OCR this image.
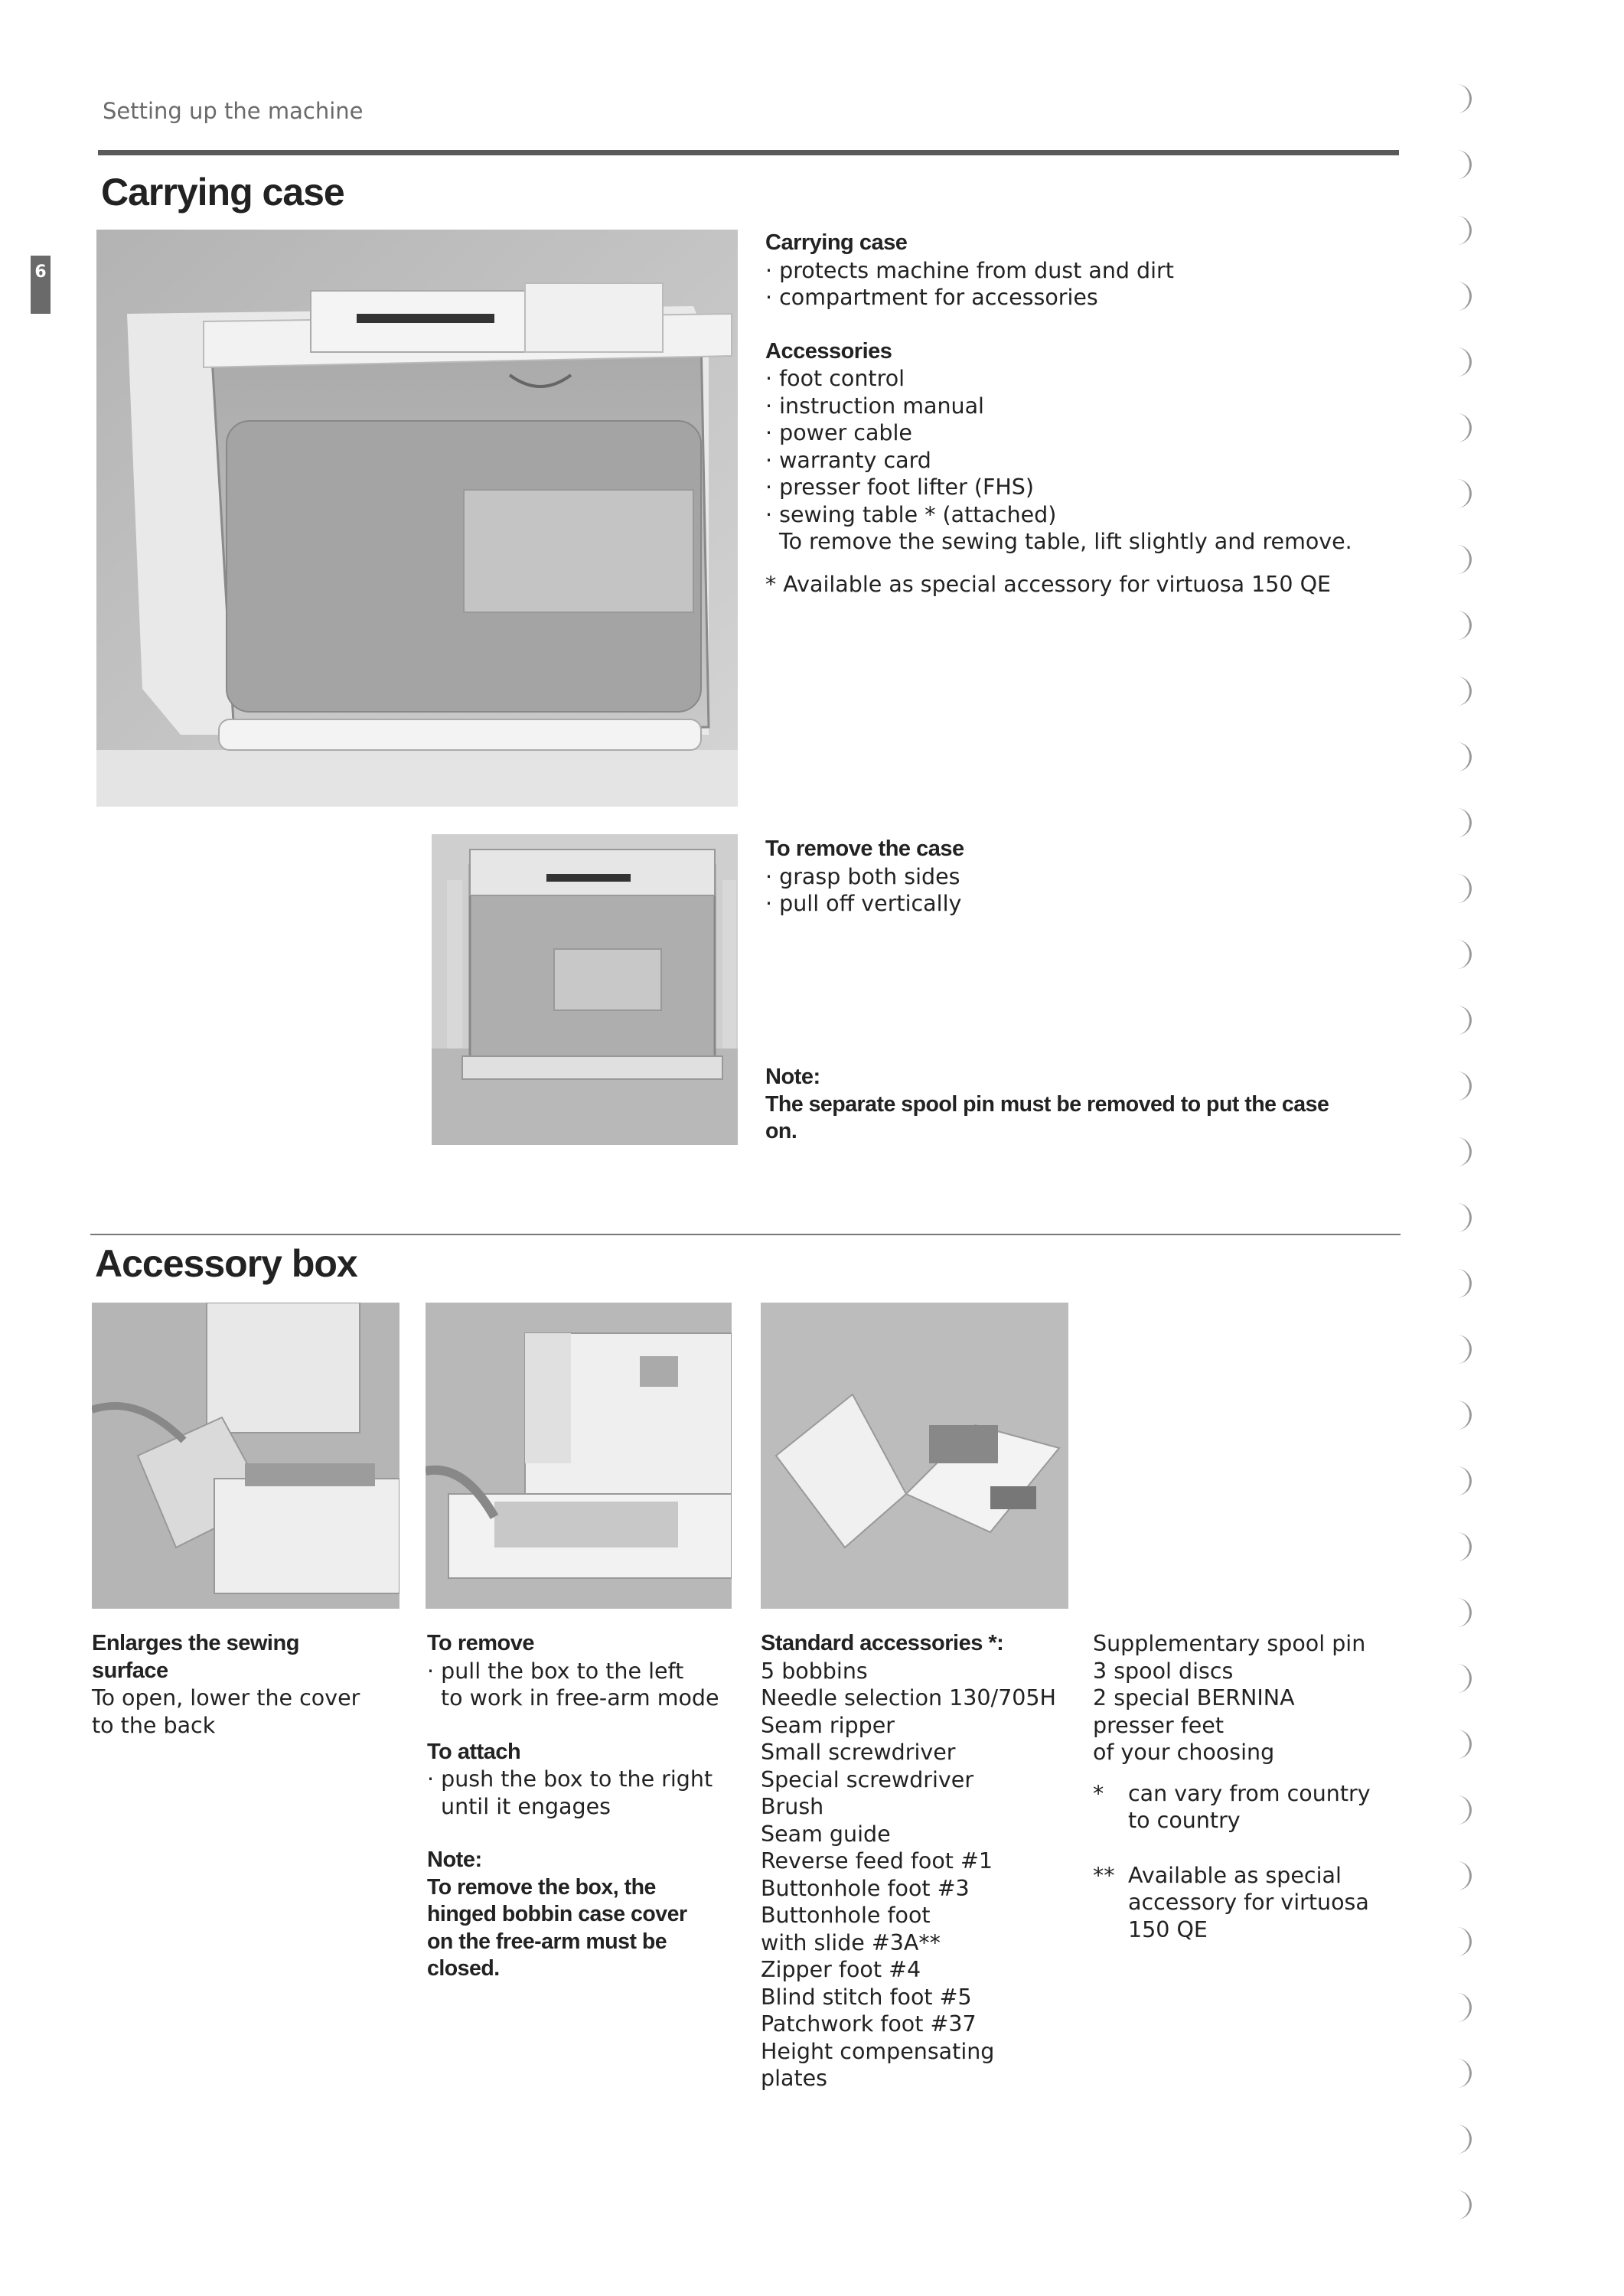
Setting up the machine
6
Carrying case
Carrying case
· protects machine from dust and dirt
· compartment for accessories
Accessories
· foot control
· instruction manual
· power cable
· warranty card
· presser foot lifter (FHS)
· sewing table * (attached)
To remove the sewing table, lift slightly and remove.
* Available as special accessory for virtuosa 150 QE
To remove the case
· grasp both sides
· pull off vertically
Note:
The separate spool pin must be removed to put the case
on.
Accessory box
Enlarges the sewing
surface
To open, lower the cover
to the back
To remove
· pull the box to the left
to work in free-arm mode
To attach
· push the box to the right
until it engages
Note:
To remove the box, the
hinged bobbin case cover
on the free-arm must be
closed.
Standard accessories *:
5 bobbins
Needle selection 130/705H
Seam ripper
Small screwdriver
Special screwdriver
Brush
Seam guide
Reverse feed foot #1
Buttonhole foot #3
Buttonhole foot
with slide #3A**
Zipper foot #4
Blind stitch foot #5
Patchwork foot #37
Height compensating
plates
Supplementary spool pin
3 spool discs
2 special BERNINA
presser feet
of your choosing
* can vary from country
to country
** Available as special
accessory for virtuosa
150 QE
